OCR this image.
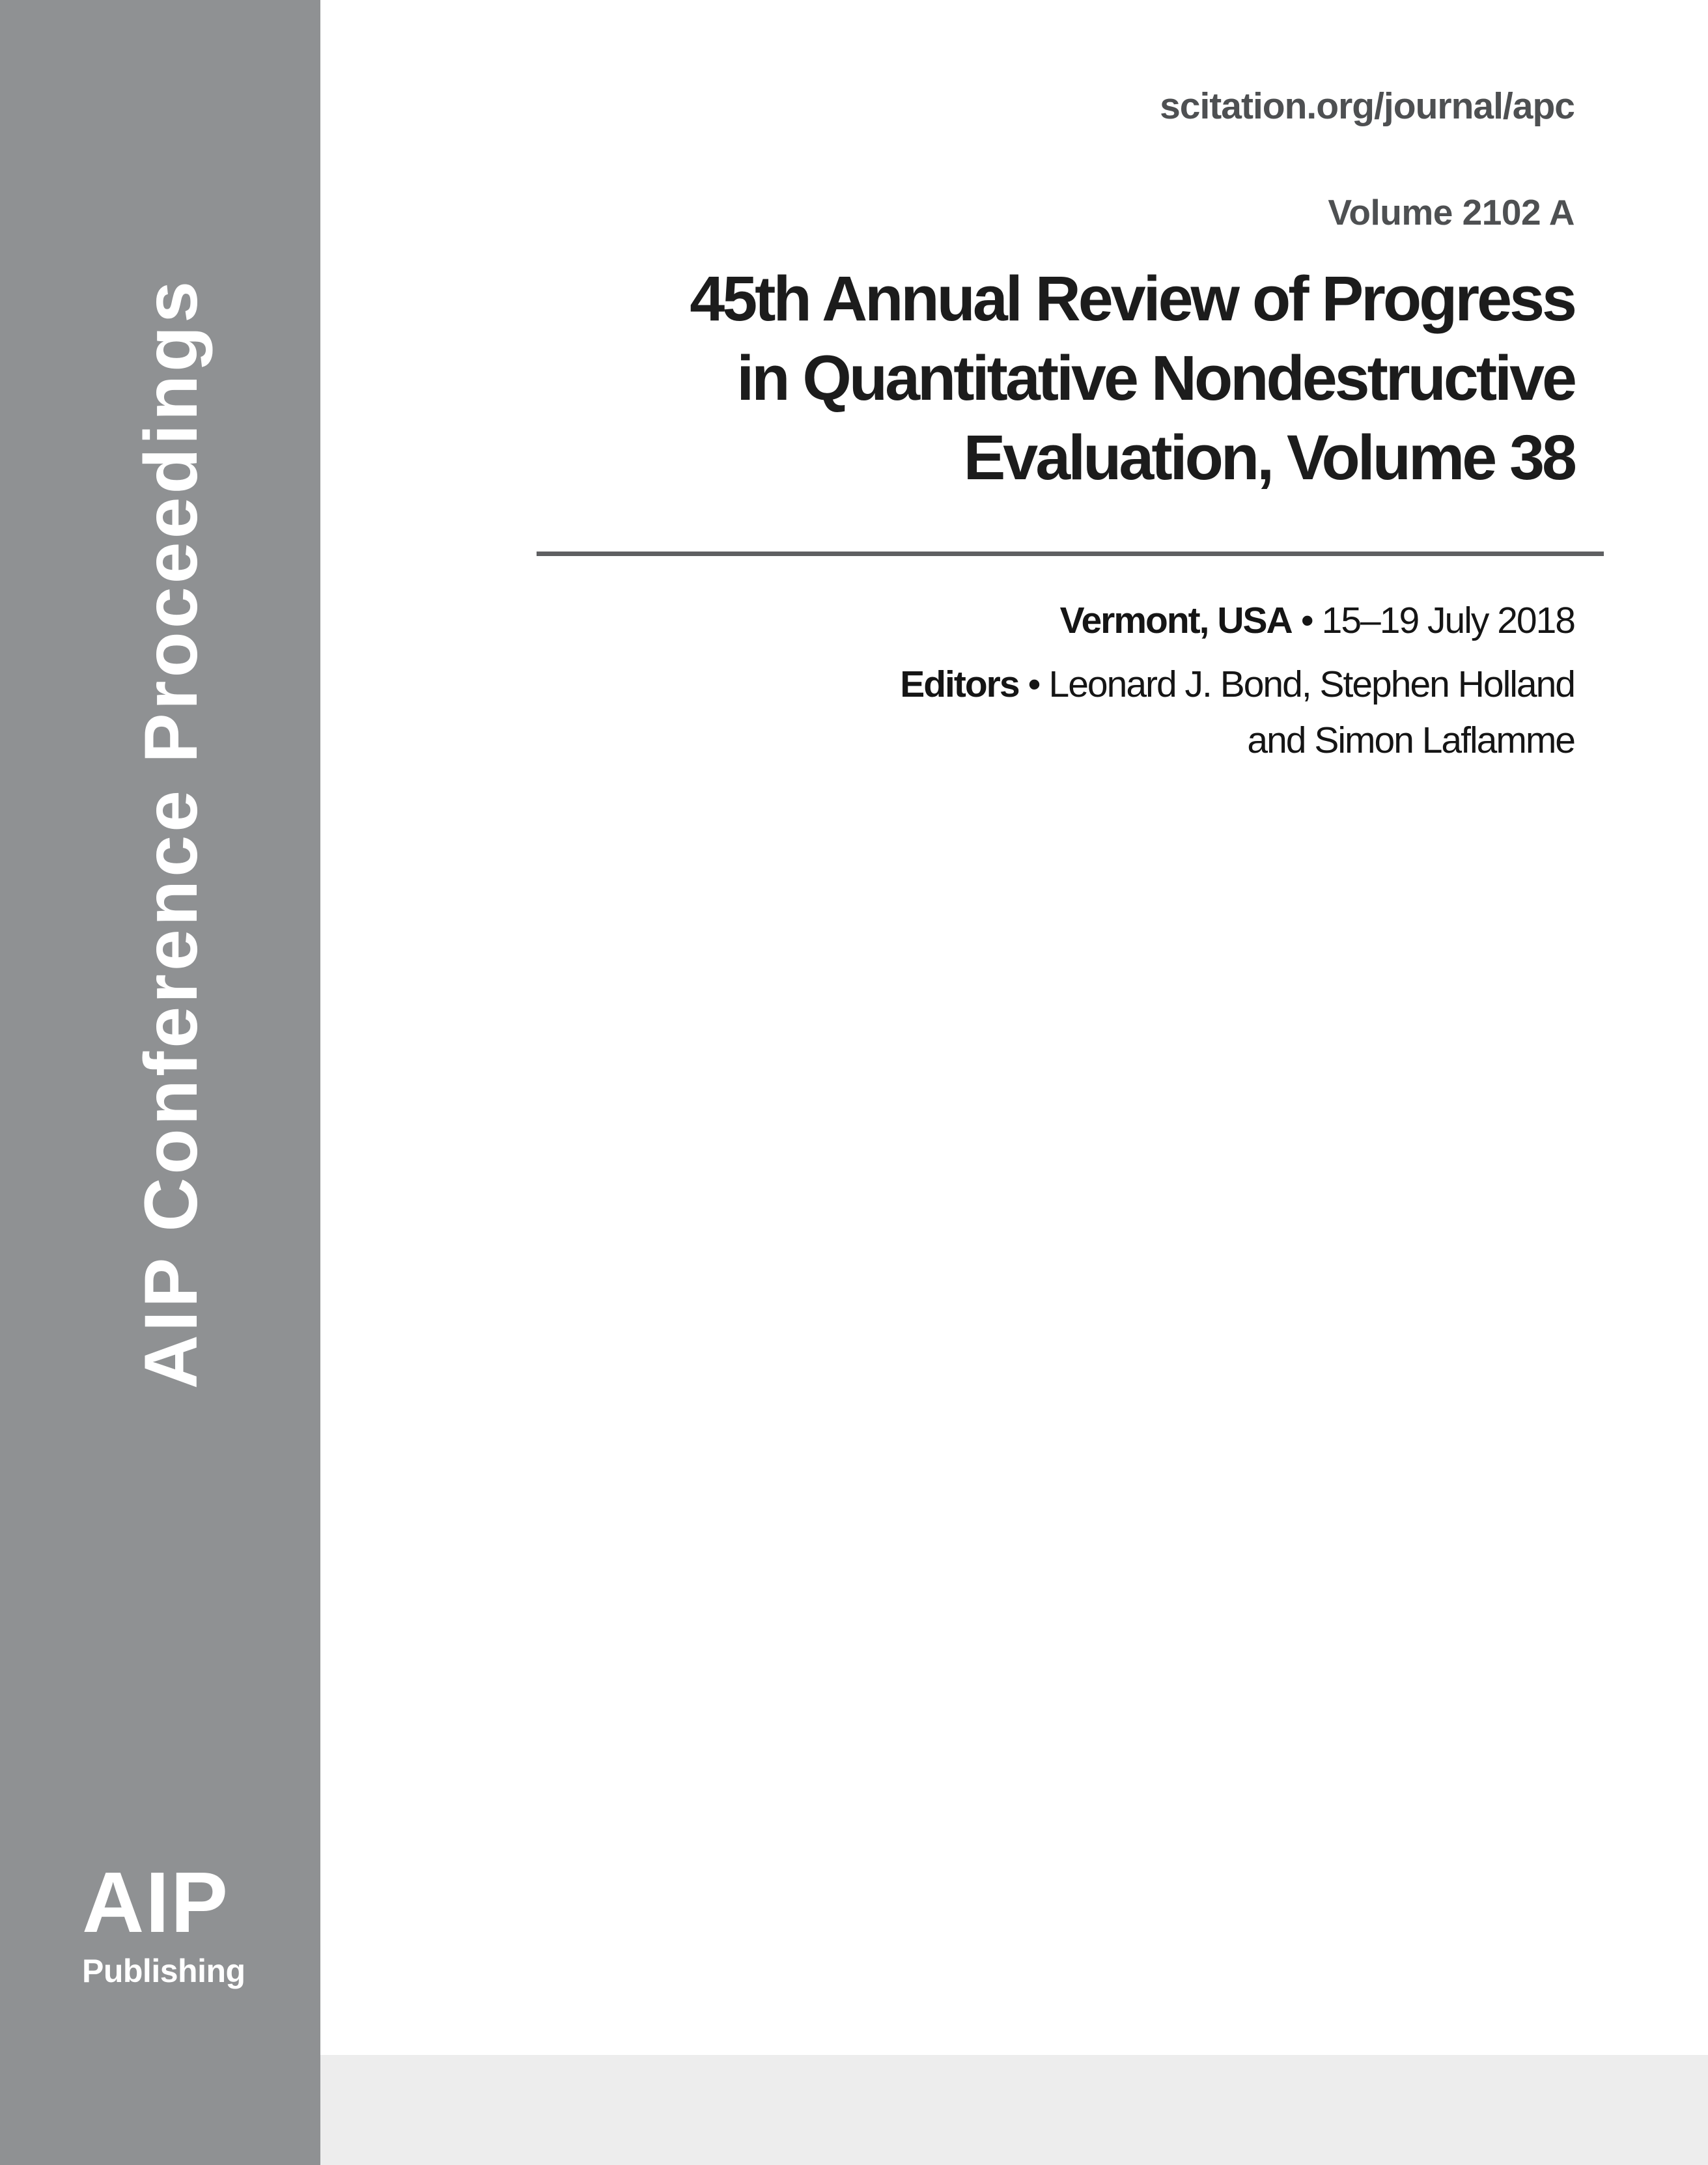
AIP Conference Proceedings
AIP
Publishing
scitation.org/journal/apc
Volume 2102 A
45th Annual Review of Progress
in Quantitative Nondestructive
Evaluation, Volume 38
Vermont, USA • 15–19 July 2018
Editors • Leonard J. Bond, Stephen Holland
and Simon Laflamme
